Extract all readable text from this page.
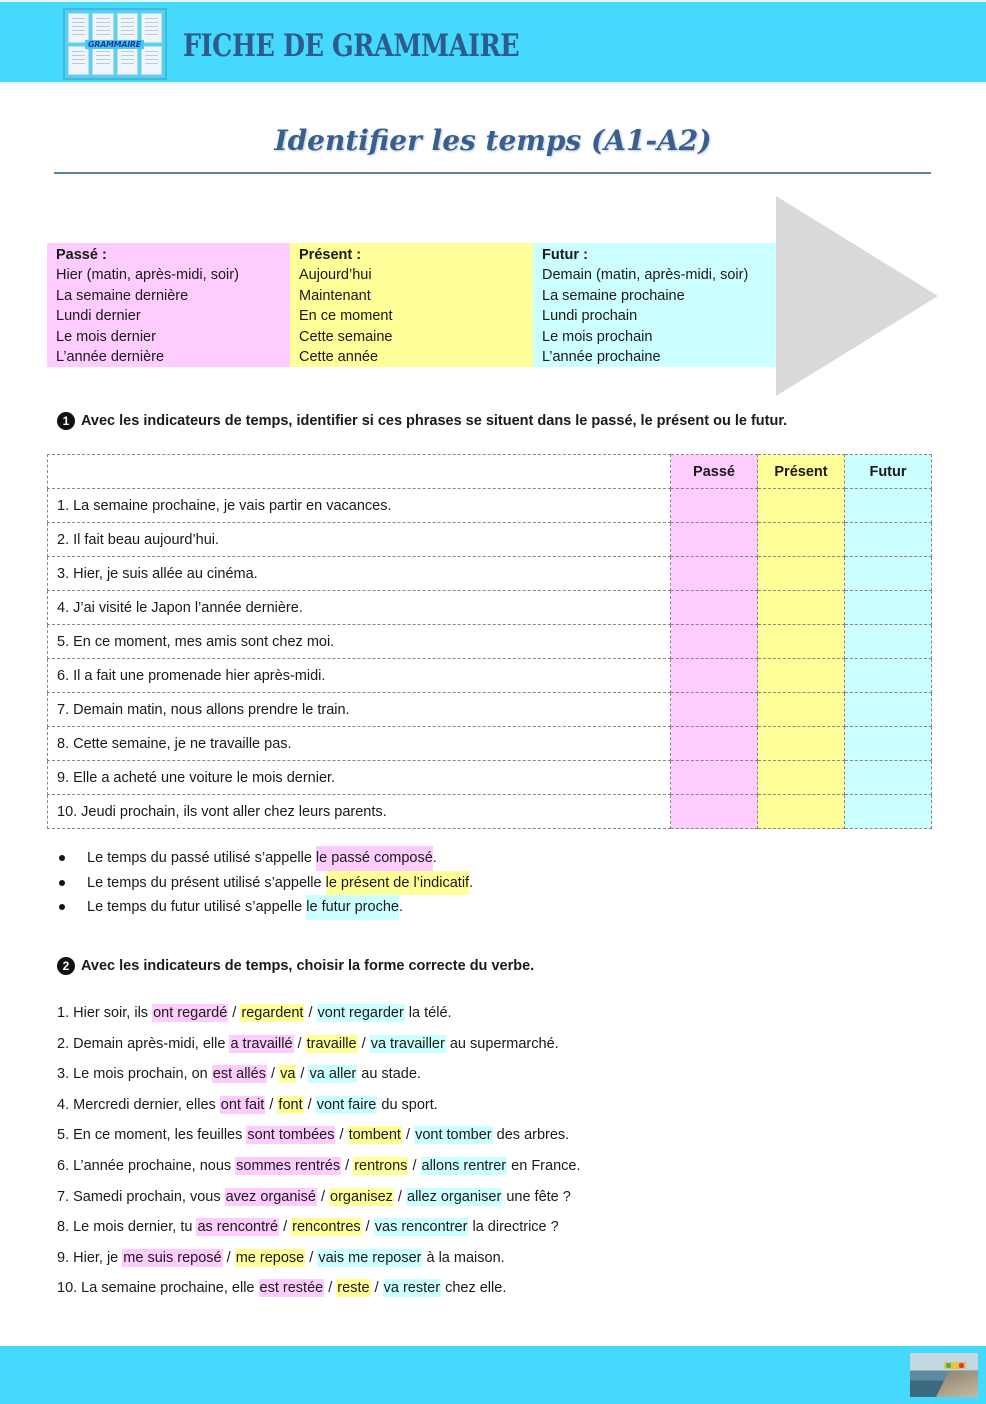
GRAMMAIRE FICHE DE GRAMMAIRE
Identifier les temps (A1-A2)
Passé :
Hier (matin, après-midi, soir)
La semaine dernière
Lundi dernier
Le mois dernier
L’année dernière
Présent :
Aujourd’hui
Maintenant
En ce moment
Cette semaine
Cette année
Futur :
Demain (matin, après-midi, soir)
La semaine prochaine
Lundi prochain
Le mois prochain
L’année prochaine
1 Avec les indicateurs de temps, identifier si ces phrases se situent dans le passé, le présent ou le futur.
	Passé	Présent	Futur
1. La semaine prochaine, je vais partir en vacances.			
2. Il fait beau aujourd’hui.			
3. Hier, je suis allée au cinéma.			
4. J’ai visité le Japon l’année dernière.			
5. En ce moment, mes amis sont chez moi.			
6. Il a fait une promenade hier après-midi.			
7. Demain matin, nous allons prendre le train.			
8. Cette semaine, je ne travaille pas.			
9. Elle a acheté une voiture le mois dernier.			
10. Jeudi prochain, ils vont aller chez leurs parents.			
Le temps du passé utilisé s’appelle le passé composé .
Le temps du présent utilisé s’appelle le présent de l’indicatif .
Le temps du futur utilisé s’appelle le futur proche .
2 Avec les indicateurs de temps, choisir la forme correcte du verbe.
1. Hier soir, ils ont regardé / regardent / vont regarder la télé.
2. Demain après-midi, elle a travaillé / travaille / va travailler au supermarché.
3. Le mois prochain, on est allés / va / va aller au stade.
4. Mercredi dernier, elles ont fait / font / vont faire du sport.
5. En ce moment, les feuilles sont tombées / tombent / vont tomber des arbres.
6. L’année prochaine, nous sommes rentrés / rentrons / allons rentrer en France.
7. Samedi prochain, vous avez organisé / organisez / allez organiser une fête ?
8. Le mois dernier, tu as rencontré / rencontres / vas rencontrer la directrice ?
9. Hier, je me suis reposé / me repose / vais me reposer à la maison.
10. La semaine prochaine, elle est restée / reste / va rester chez elle.
